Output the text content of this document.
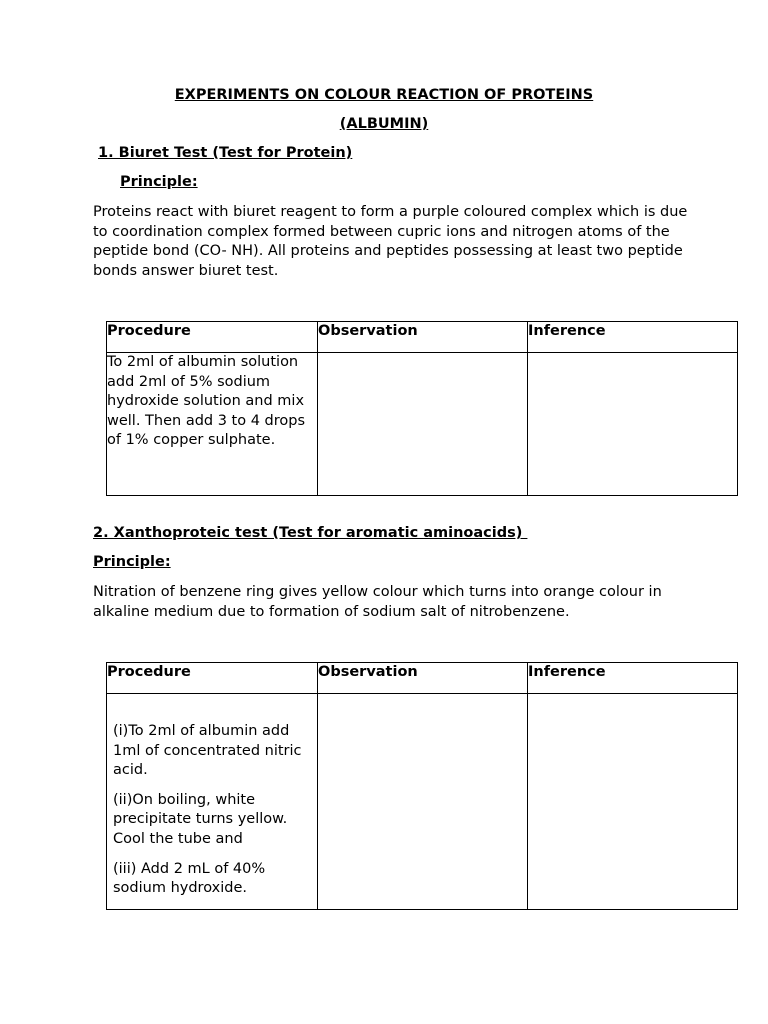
EXPERIMENTS ON COLOUR REACTION OF PROTEINS
(ALBUMIN)
1. Biuret Test (Test for Protein)
Principle:

Proteins react with biuret reagent to form a purple coloured complex which is due to coordination complex formed between cupric ions and nitrogen atoms of the peptide bond (CO- NH). All proteins and peptides possessing at least two peptide bonds answer biuret test.

Procedure	Observation	Inference

To 2ml of albumin solution add 2ml of 5% sodium hydroxide solution and mix well. Then add 3 to 4 drops of 1% copper sulphate.		

2. Xanthoproteic test (Test for aromatic aminoacids)
Principle:

Nitration of benzene ring gives yellow colour which turns into orange colour in alkaline medium due to formation of sodium salt of nitrobenzene.

Procedure	Observation	Inference

(i)To 2ml of albumin add 1ml of concentrated nitric acid.

(ii)On boiling, white precipitate turns yellow. Cool the tube and

(iii) Add 2 mL of 40% sodium hydroxide.		
